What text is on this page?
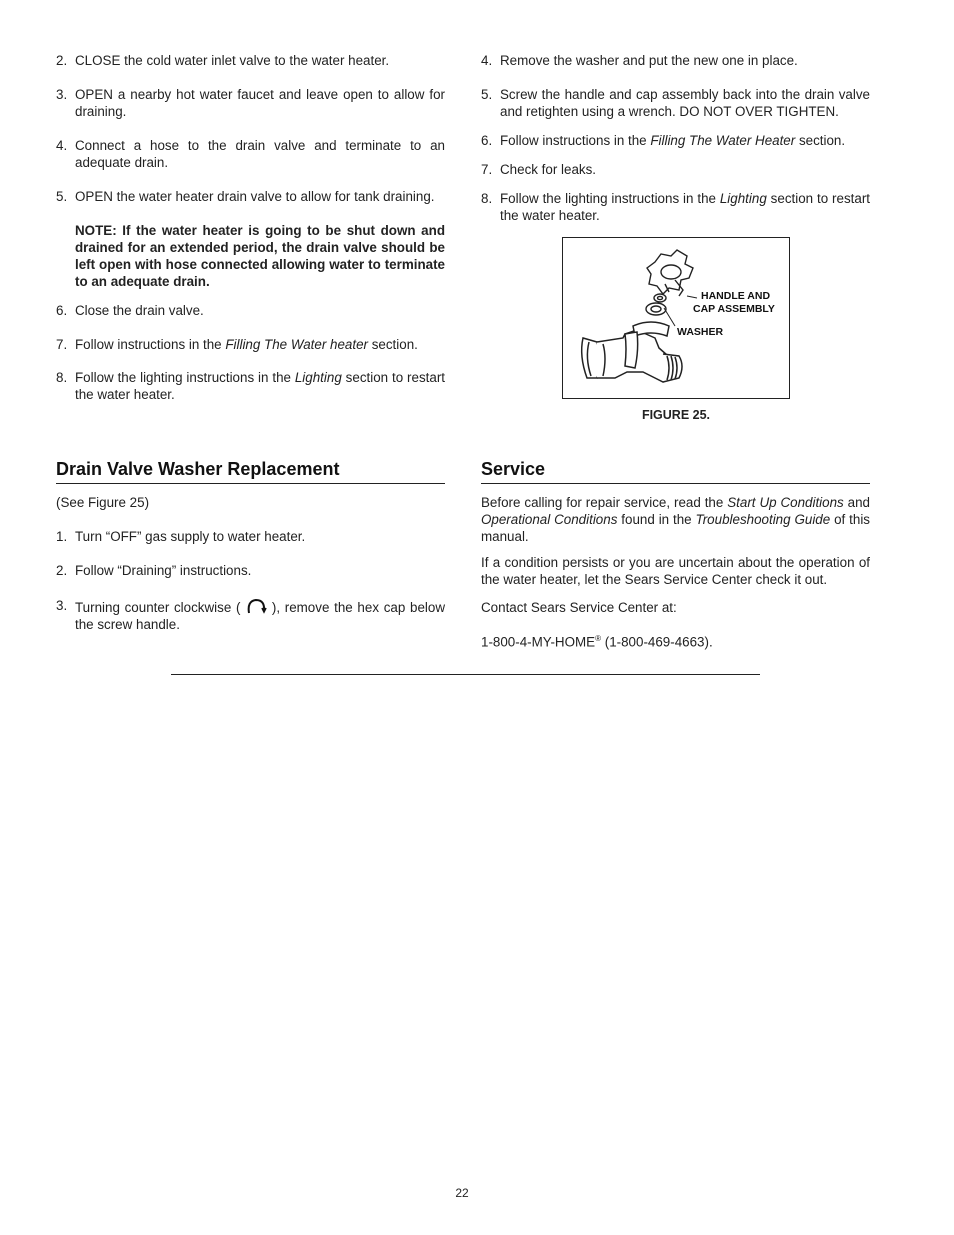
2. CLOSE the cold water inlet valve to the water heater.
3. OPEN a nearby hot water faucet and leave open to allow for     draining.
4. Connect a hose to the drain valve and terminate to an adequate drain.
5. OPEN the water heater drain valve to allow for tank draining.

NOTE: If the water heater is going to be shut down and drained for an extended period, the drain valve should be left open with hose connected allowing water to terminate to an adequate drain.

6. Close the drain valve.
7. Follow instructions in the Filling The Water heater section.
8. Follow the lighting instructions in the Lighting section to restart the water heater.
4. Remove the washer and put the new one in place.
5. Screw the handle and cap assembly back into the drain valve and retighten using a wrench. DO NOT OVER TIGHTEN.
6. Follow instructions in the Filling The Water Heater section.
7. Check for leaks.
8. Follow the lighting instructions in the Lighting section to restart the water heater.
HANDLE AND
CAP ASSEMBLY
WASHER
FIGURE 25.
Drain Valve Washer Replacement

(See Figure 25)

1. Turn “OFF” gas supply to water heater.
2. Follow “Draining” instructions.
3. Turning counter clockwise (  ), remove the hex cap below the screw handle.
Service

Before calling for repair service, read the Start Up Conditions and Operational Conditions found in the Troubleshooting Guide of this manual.

If a condition persists or you are uncertain about the operation of the water heater, let the Sears Service Center check it out.

Contact Sears Service Center at:

1-800-4-MY-HOME® (1-800-469-4663).

22
